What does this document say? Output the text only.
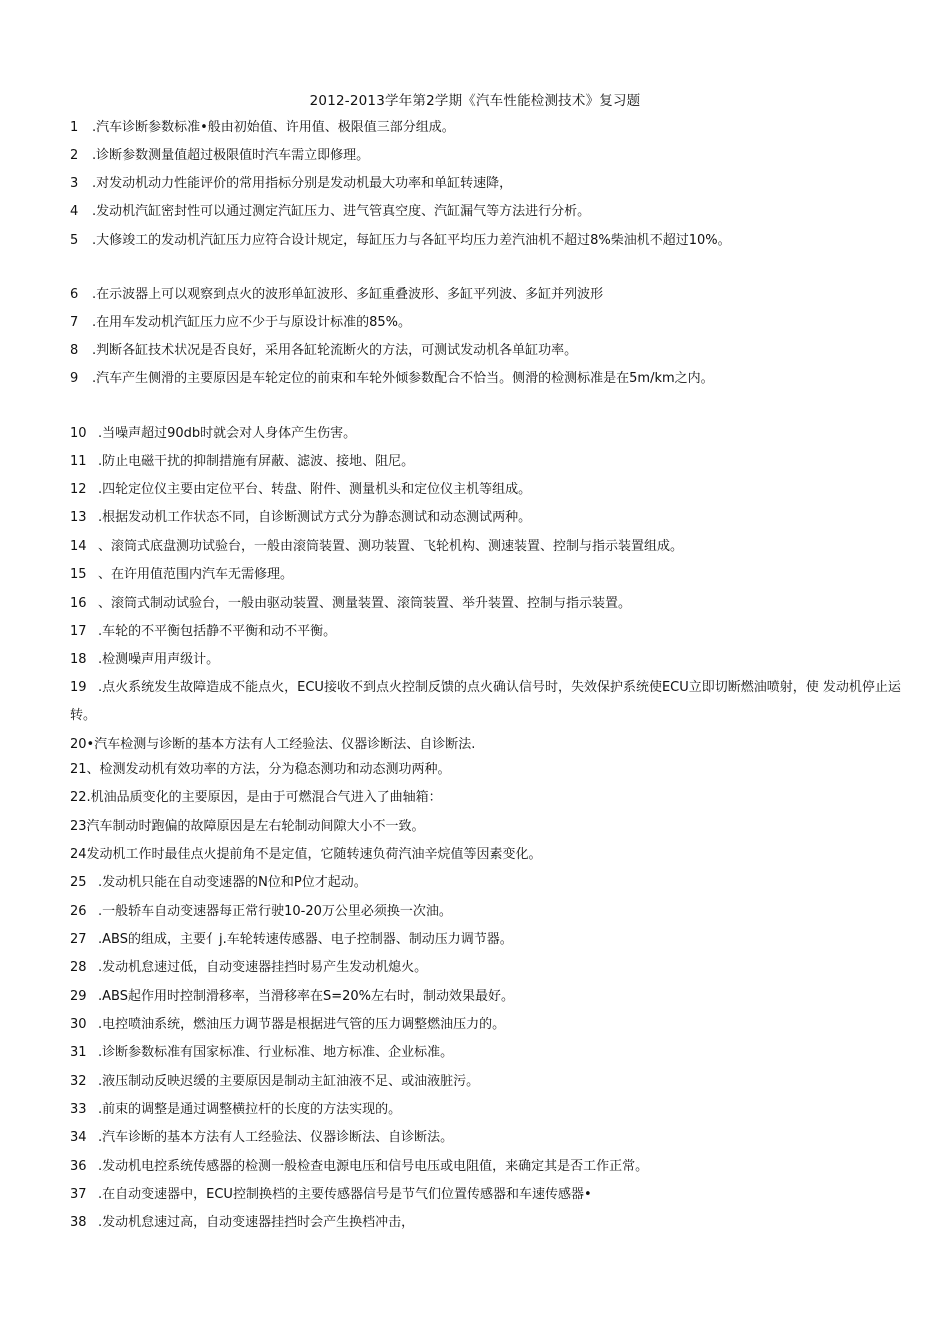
2012-2013学年第2学期《汽车性能检测技术》复习题
1 .汽车诊断参数标准•般由初始值、许用值、极限值三部分组成。
2 .诊断参数测量值超过极限值时汽车需立即修理。
3 .对发动机动力性能评价的常用指标分别是发动机最大功率和单缸转速降，
4 .发动机汽缸密封性可以通过测定汽缸压力、进气管真空度、汽缸漏气等方法进行分析。
5 .大修竣工的发动机汽缸压力应符合设计规定，每缸压力与各缸平均压力差汽油机不超过8%柴油机不超过10%。
6 .在示波器上可以观察到点火的波形单缸波形、多缸重叠波形、多缸平列波、多缸并列波形
7 .在用车发动机汽缸压力应不少于与原设计标准的85%。
8 .判断各缸技术状况是否良好，采用各缸轮流断火的方法，可测试发动机各单缸功率。
9 .汽车产生侧滑的主要原因是车轮定位的前束和车轮外倾参数配合不恰当。侧滑的检测标准是在5m/km之内。
10 .当噪声超过90db时就会对人身体产生伤害。
11 .防止电磁干扰的抑制措施有屏蔽、滤波、接地、阻尼。
12 .四轮定位仪主要由定位平台、转盘、附件、测量机头和定位仪主机等组成。
13 .根据发动机工作状态不同，自诊断测试方式分为静态测试和动态测试两种。
14 、滚筒式底盘测功试验台，一般由滚筒装置、测功装置、飞轮机构、测速装置、控制与指示装置组成。
15 、在许用值范围内汽车无需修理。
16 、滚筒式制动试验台，一般由驱动装置、测量装置、滚筒装置、举升装置、控制与指示装置。
17 .车轮的不平衡包括静不平衡和动不平衡。
18 .检测噪声用声级计。
19 .点火系统发生故障造成不能点火，ECU接收不到点火控制反馈的点火确认信号时，失效保护系统使ECU立即切断燃油喷射，使 发动机停止运转。
20•汽车检测与诊断的基本方法有人工经验法、仪器诊断法、自诊断法.
21、检测发动机有效功率的方法，分为稳态测功和动态测功两种。
22.机油品质变化的主要原因，是由于可燃混合气进入了曲轴箱：
23汽车制动时跑偏的故障原因是左右轮制动间隙大小不一致。
24发动机工作时最佳点火提前角不是定值，它随转速负荷汽油辛烷值等因素变化。
25 .发动机只能在自动变速器的N位和P位才起动。
26 .一般轿车自动变速器每正常行驶10-20万公里必须换一次油。
27 .ABS的组成，主要亻j.车轮转速传感器、电子控制器、制动压力调节器。
28 .发动机怠速过低，自动变速器挂挡时易产生发动机熄火。
29 .ABS起作用时控制滑移率，当滑移率在S=20%左右时，制动效果最好。
30 .电控喷油系统，燃油压力调节器是根据进气管的压力调整燃油压力的。
31 .诊断参数标准有国家标准、行业标准、地方标准、企业标准。
32 .液压制动反映迟缓的主要原因是制动主缸油液不足、或油液脏污。
33 .前束的调整是通过调整横拉杆的长度的方法实现的。
34 .汽车诊断的基本方法有人工经验法、仪器诊断法、自诊断法。
36 .发动机电控系统传感器的检测一般检查电源电压和信号电压或电阻值，来确定其是否工作正常。
37 .在自动变速器中，ECU控制换档的主要传感器信号是节气们位置传感器和车速传感器•
38 .发动机怠速过高，自动变速器挂挡时会产生换档冲击，
